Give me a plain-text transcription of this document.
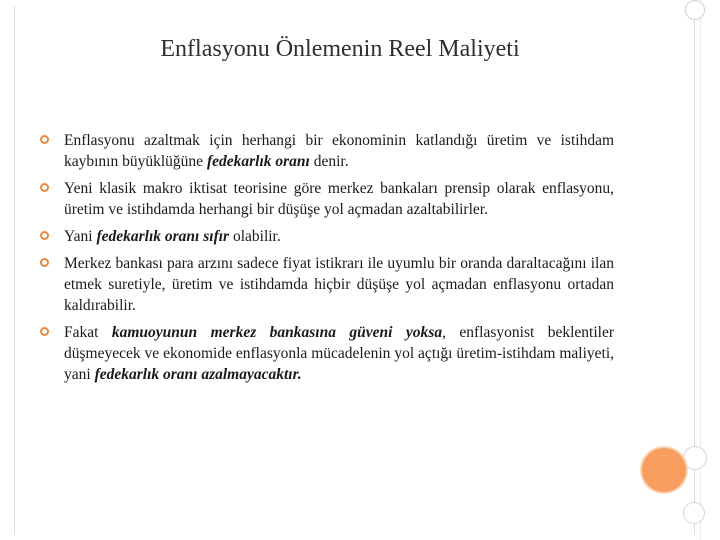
Enflasyonu Önlemenin Reel Maliyeti
Enflasyonu azaltmak için herhangi bir ekonominin katlandığı üretim ve istihdam kaybının büyüklüğüne fedekarlık oranı denir.
Yeni klasik makro iktisat teorisine göre merkez bankaları prensip olarak enflasyonu, üretim ve istihdamda herhangi bir düşüşe yol açmadan azaltabilirler.
Yani fedekarlık oranı sıfır olabilir.
Merkez bankası para arzını sadece fiyat istikrarı ile uyumlu bir oranda daraltacağını ilan etmek suretiyle, üretim ve istihdamda hiçbir düşüşe yol açmadan enflasyonu ortadan kaldırabilir.
Fakat kamuoyunun merkez bankasına güveni yoksa, enflasyonist beklentiler düşmeyecek ve ekonomide enflasyonla mücadelenin yol açtığı üretim-istihdam maliyeti, yani fedekarlık oranı azalmayacaktır.
